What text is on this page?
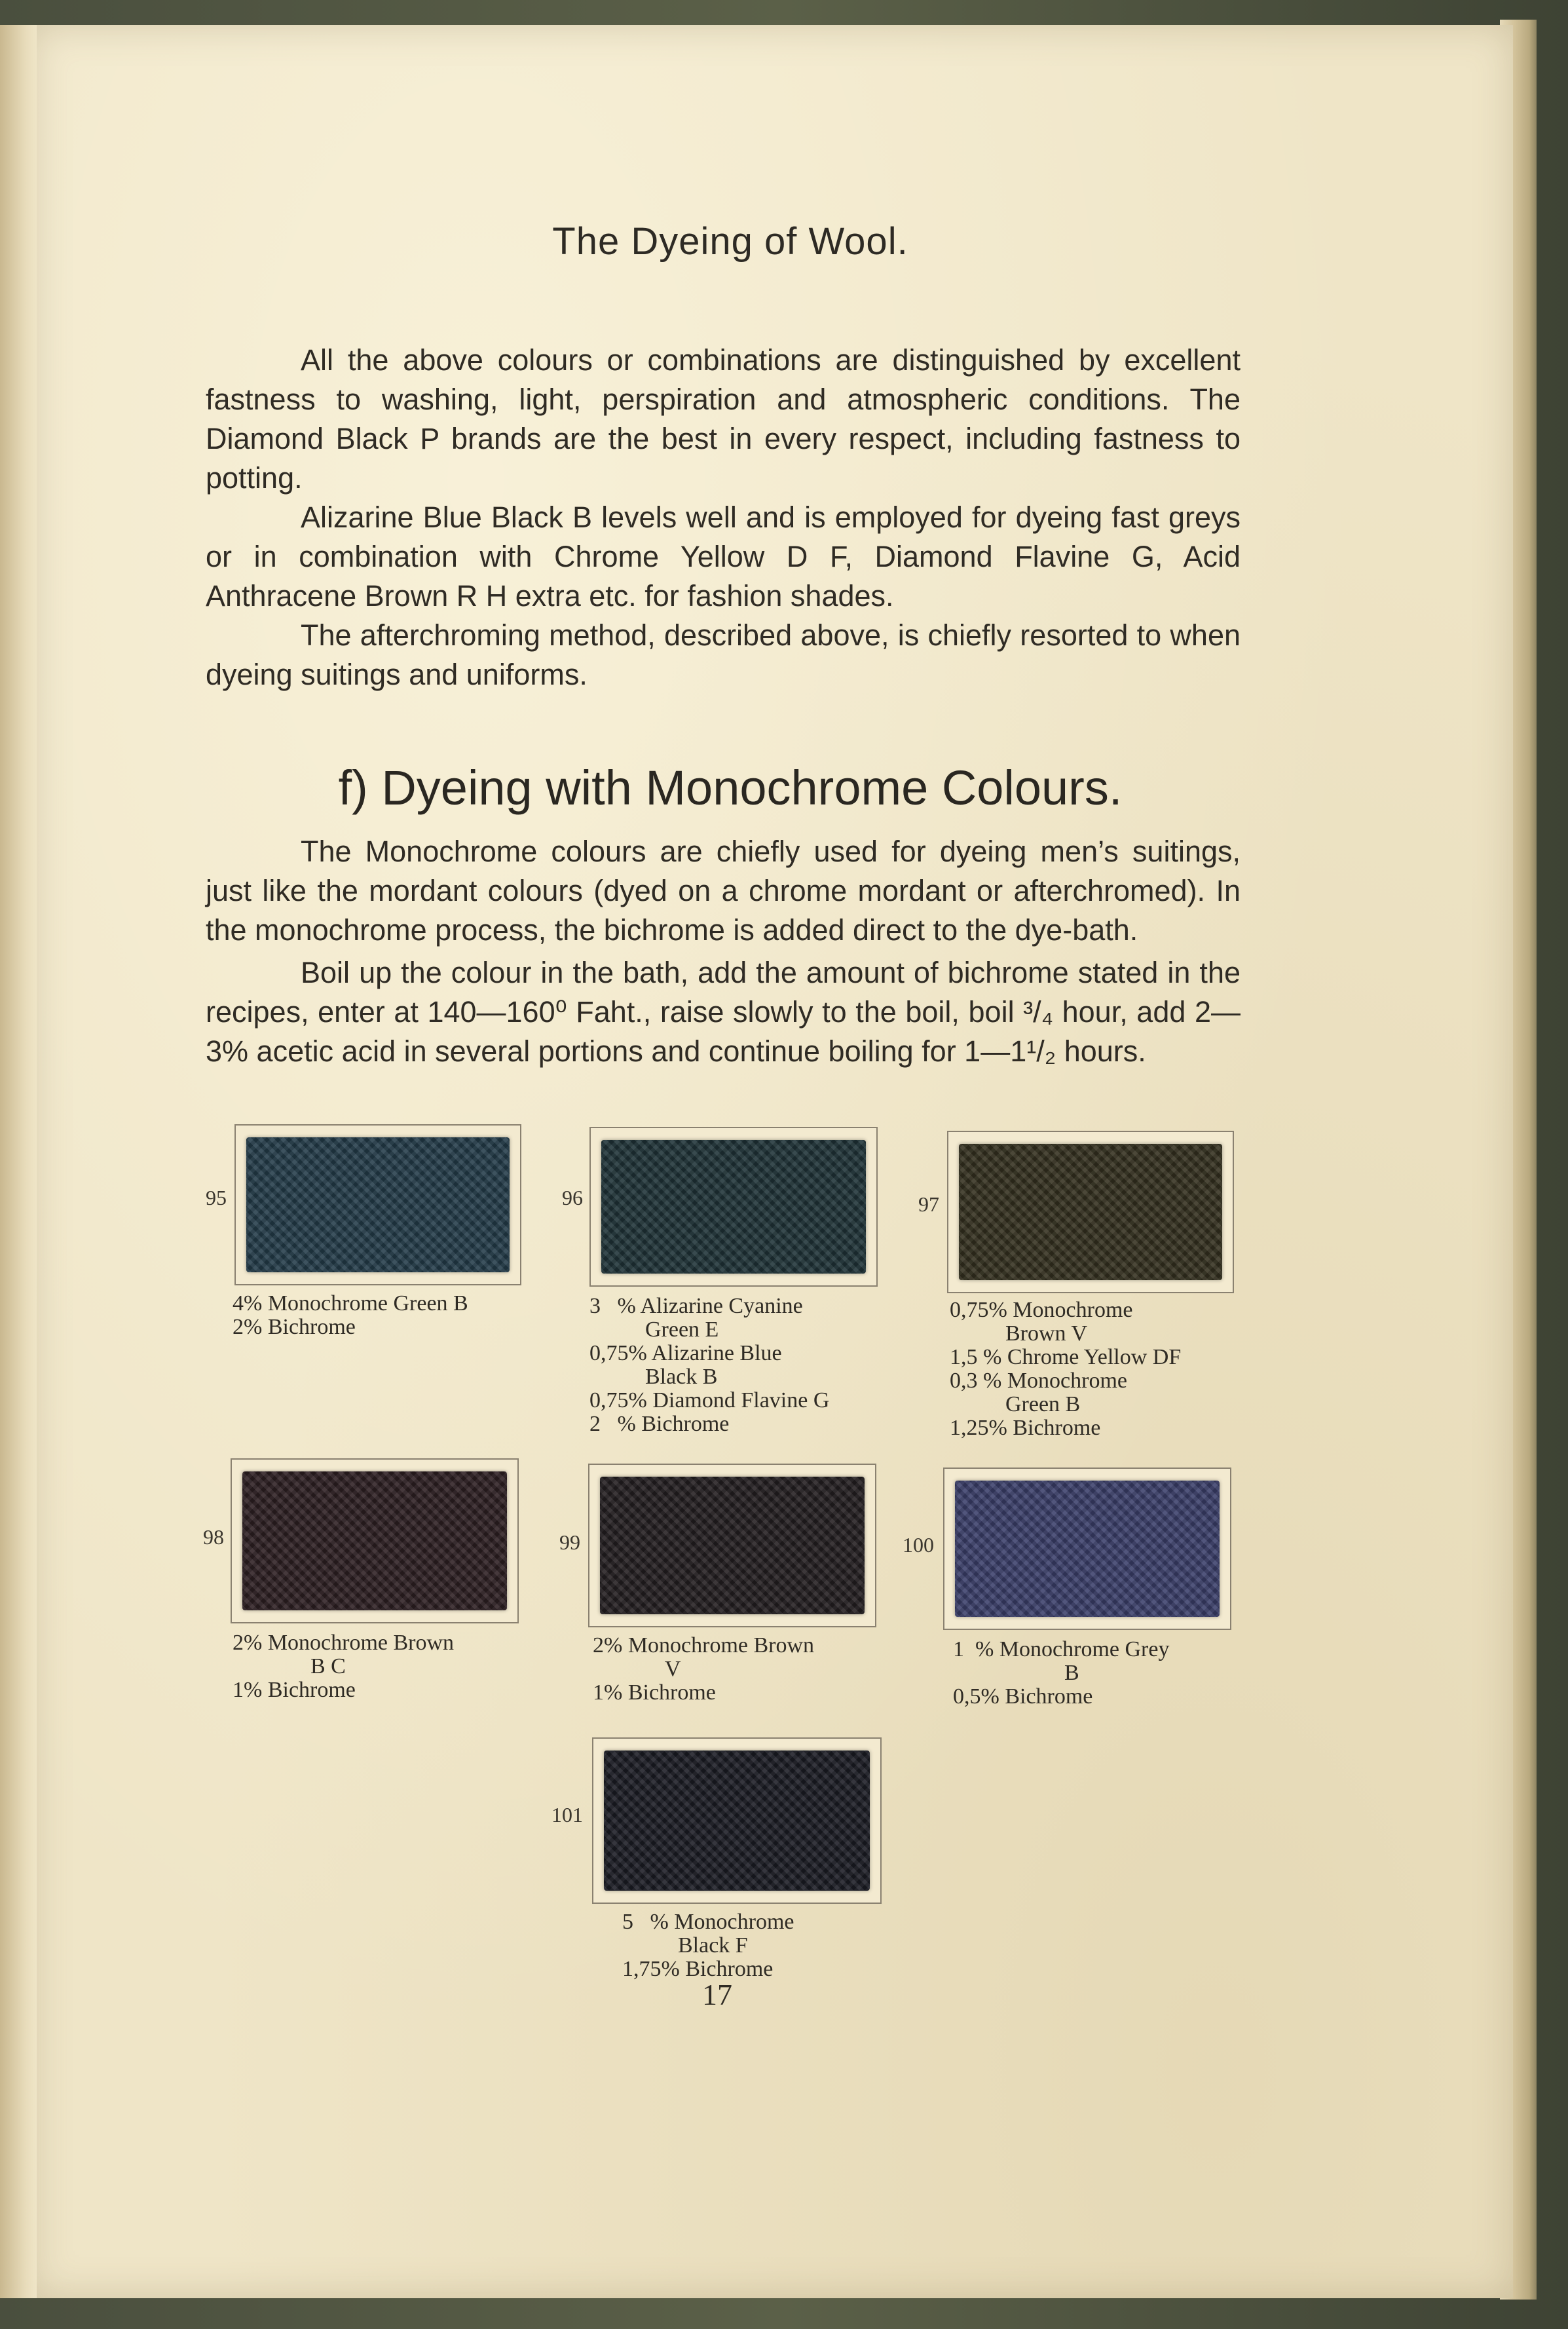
The Dyeing of Wool.

All the above colours or combinations are distinguished by excellent fastness to washing, light, perspiration and atmospheric conditions. The Diamond Black P brands are the best in every respect, including fastness to potting.

Alizarine Blue Black B levels well and is employed for dyeing fast greys or in combination with Chrome Yellow D F, Diamond Flavine G, Acid Anthracene Brown R H extra etc. for fashion shades.

The afterchroming method, described above, is chiefly resorted to when dyeing suitings and uniforms.

f) Dyeing with Monochrome Colours.

The Monochrome colours are chiefly used for dyeing men’s suitings, just like the mordant colours (dyed on a chrome mordant or afterchromed). In the monochrome process, the bichrome is added direct to the dye-bath.

Boil up the colour in the bath, add the amount of bichrome stated in the recipes, enter at 140—160⁰ Faht., raise slowly to the boil, boil ³/₄ hour, add 2—3% acetic acid in several portions and continue boiling for 1—1¹/₂ hours.

95

4% Monochrome Green B
2% Bichrome

96

3   % Alizarine Cyanine
Green E
0,75% Alizarine Blue
Black B
0,75% Diamond Flavine G
2   % Bichrome

97

0,75% Monochrome
Brown V
1,5 % Chrome Yellow DF
0,3 % Monochrome
Green B
1,25% Bichrome

98

2% Monochrome Brown
B C
1% Bichrome

99

2% Monochrome Brown
V
1% Bichrome

100

1  % Monochrome Grey
B
0,5% Bichrome

101

5   % Monochrome
Black F
1,75% Bichrome

17
